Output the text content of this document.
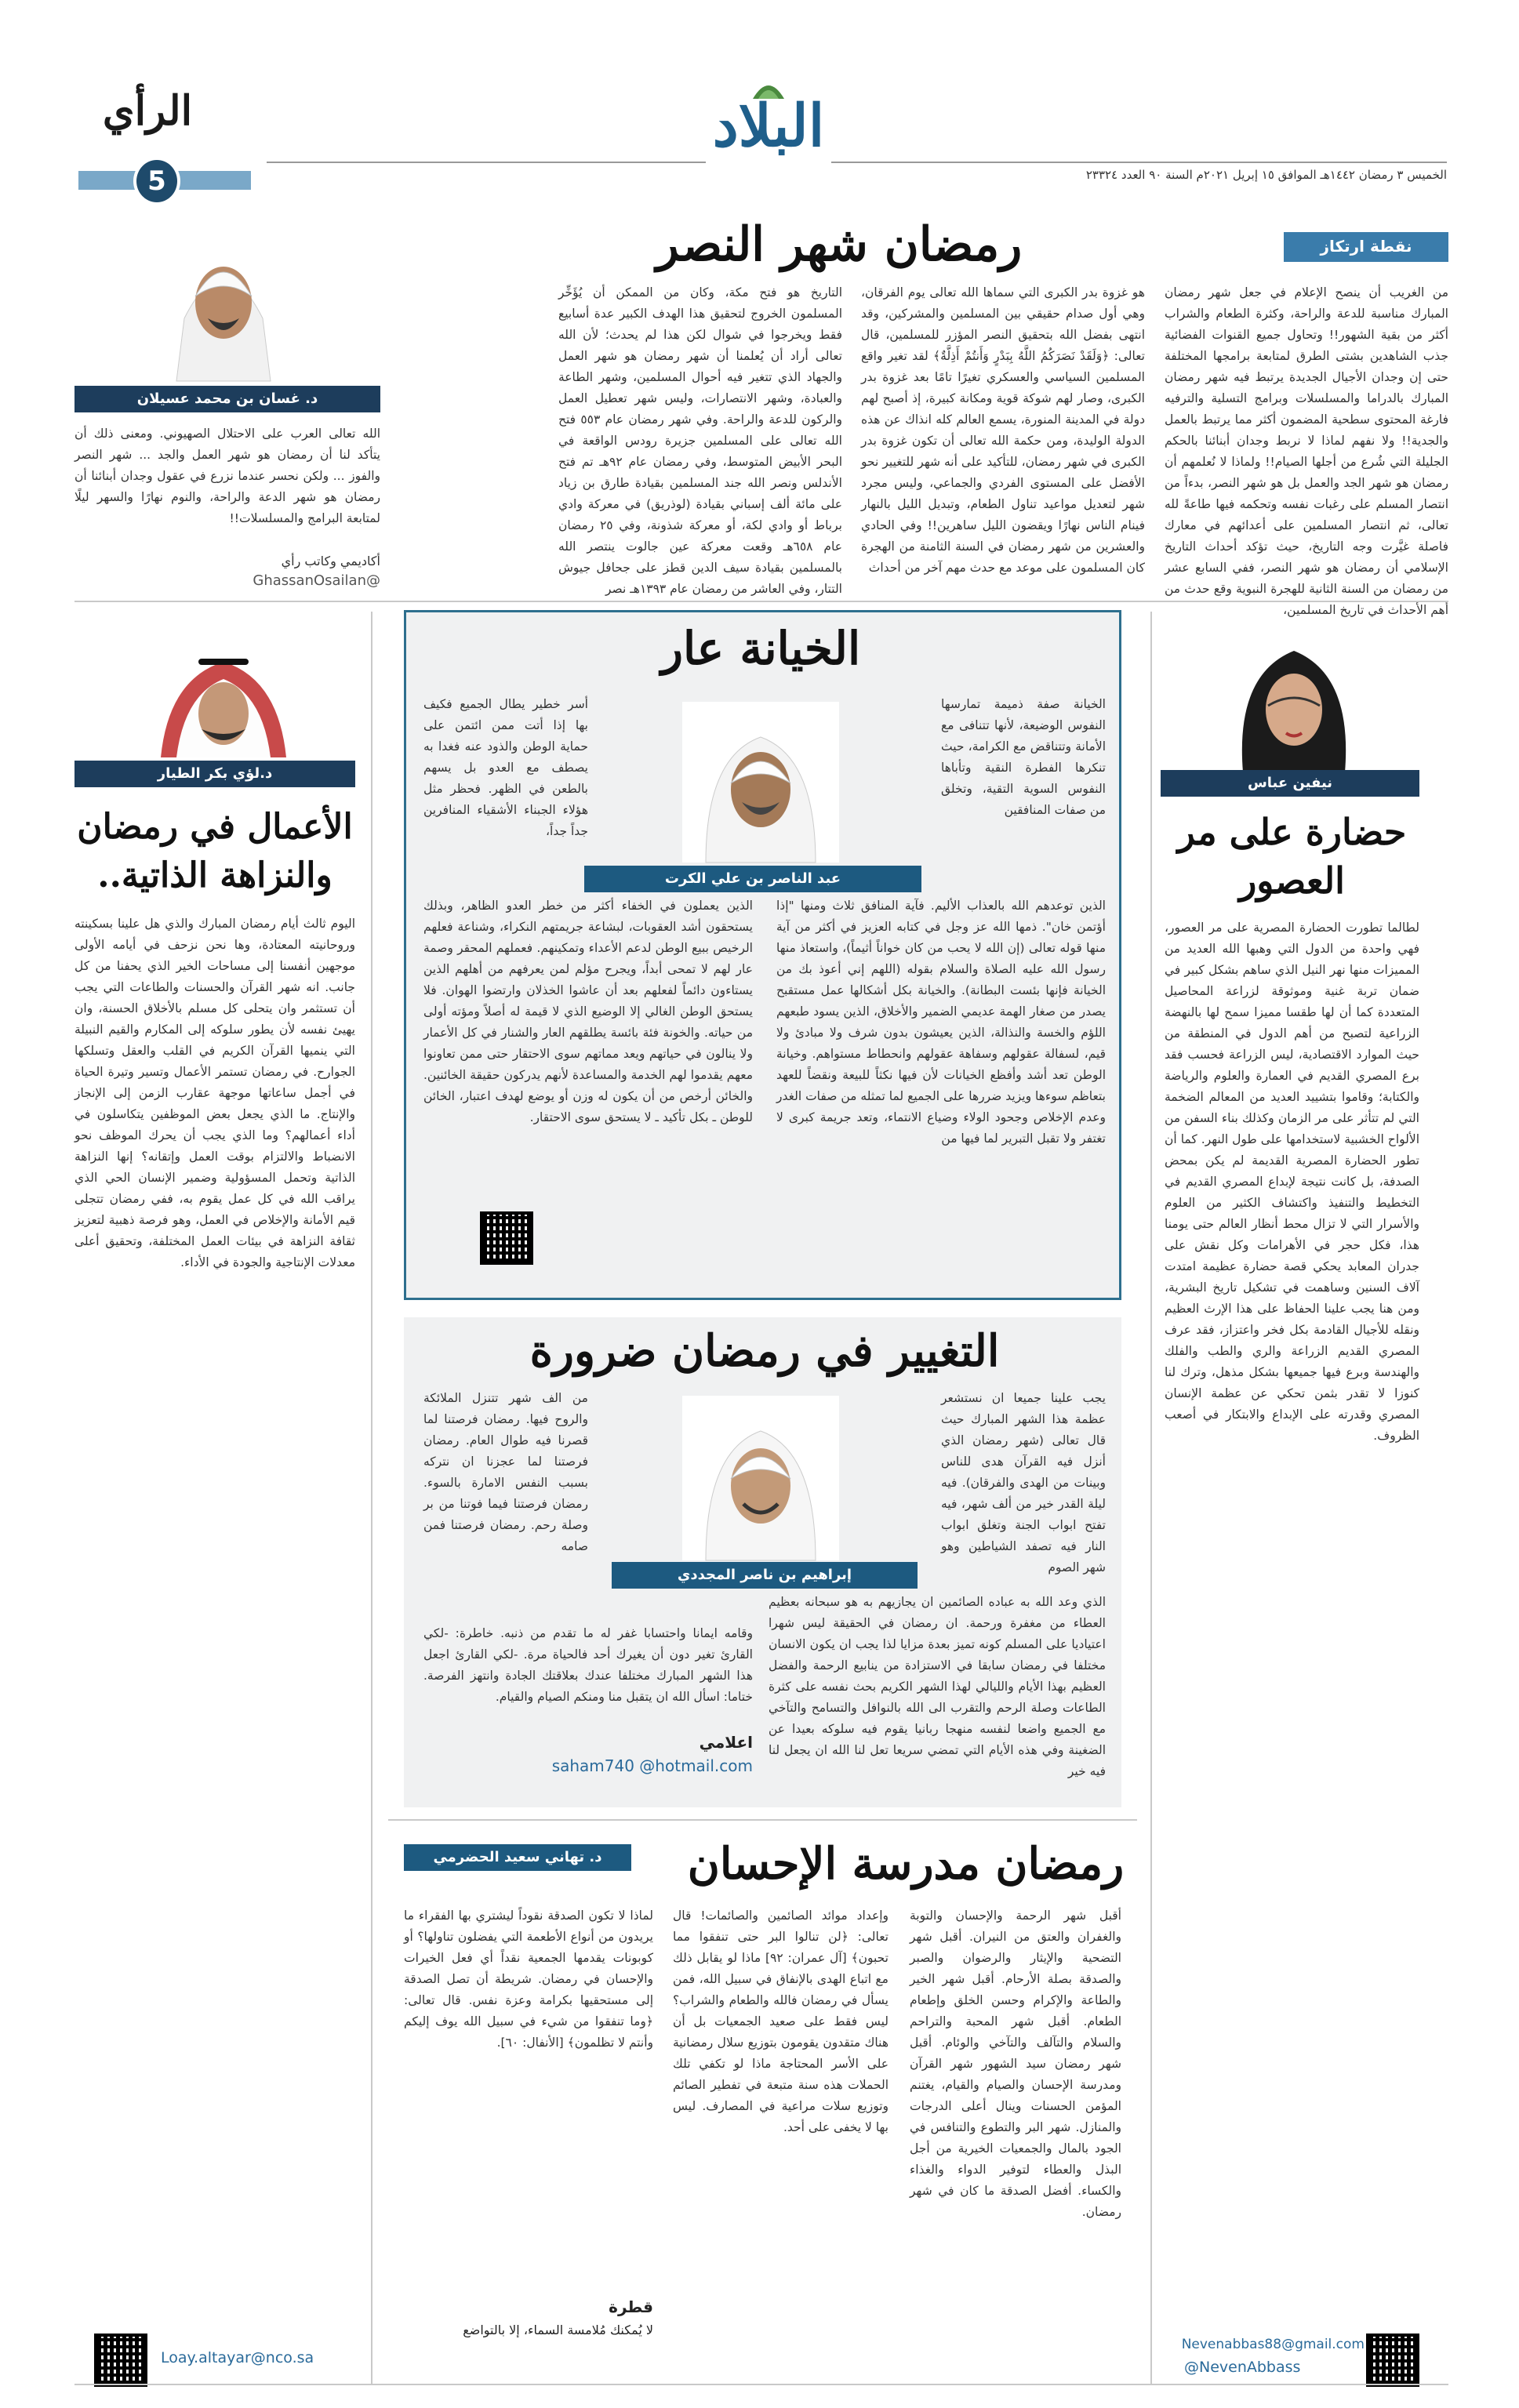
الرأي
5
البلاد
الخميس ٣ رمضان ١٤٤٢هـ الموافق ١٥ إبريل ٢٠٢١م السنة ٩٠ العدد ٢٣٣٢٤
نقطة ارتكاز
رمضان شهر النصر
من الغريب أن ينصح الإعلام في جعل شهر رمضان المبارك مناسبة للدعة والراحة، وكثرة الطعام والشراب أكثر من بقية الشهور!! وتحاول جميع القنوات الفضائية جذب الشاهدين بشتى الطرق لمتابعة برامجها المختلفة حتى إن وجدان الأجيال الجديدة يرتبط فيه شهر رمضان المبارك بالدراما والمسلسلات وبرامج التسلية والترفيه فارغة المحتوى سطحية المضمون أكثر مما يرتبط بالعمل والجدية!! ولا نفهم لماذا لا نربط وجدان أبنائنا بالحكم الجليلة التي شُرع من أجلها الصيام!! ولماذا لا نُعلمهم أن رمضان هو شهر الجد والعمل بل هو شهر النصر، بدءاً من انتصار المسلم على رغبات نفسه وتحكمه فيها طاعةً لله تعالى، ثم انتصار المسلمين على أعدائهم في معارك فاصلة غيَّرت وجه التاريخ، حيث تؤكد أحداث التاريخ الإسلامي أن رمضان هو شهر النصر، ففي السابع عشر من رمضان من السنة الثانية للهجرة النبوية وقع حدث من أهم الأحداث في تاريخ المسلمين،
هو غزوة بدر الكبرى التي سماها الله تعالى يوم الفرقان، وهي أول صدام حقيقي بين المسلمين والمشركين، وقد انتهى بفضل الله بتحقيق النصر المؤزر للمسلمين، قال تعالى: ﴿وَلَقَدْ نَصَرَكُمُ اللَّهُ بِبَدْرٍ وَأَنتُمْ أَذِلَّةٌ﴾ لقد تغير واقع المسلمين السياسي والعسكري تغيرًا تامًا بعد غزوة بدر الكبرى، وصار لهم شوكة قوية ومكانة كبيرة، إذ أصبح لهم دولة في المدينة المنورة، يسمع العالم كله انذاك عن هذه الدولة الوليدة، ومن حكمة الله تعالى أن تكون غزوة بدر الكبرى في شهر رمضان، للتأكيد على أنه شهر للتغيير نحو الأفضل على المستوى الفردي والجماعي، وليس مجرد شهر لتعديل مواعيد تناول الطعام، وتبديل الليل بالنهار فينام الناس نهارًا ويقضون الليل ساهرين!! وفي الحادي والعشرين من شهر رمضان في السنة الثامنة من الهجرة كان المسلمون على موعد مع حدث مهم آخر من أحداث
التاريخ هو فتح مكة، وكان من الممكن أن يُؤَخِّر المسلمون الخروج لتحقيق هذا الهدف الكبير عدة أسابيع فقط ويخرجوا في شوال لكن هذا لم يحدث؛ لأن الله تعالى أراد أن يُعلمنا أن شهر رمضان هو شهر العمل والجهاد الذي تتغير فيه أحوال المسلمين، وشهر الطاعة والعبادة، وشهر الانتصارات، وليس شهر تعطيل العمل والركون للدعة والراحة. وفي شهر رمضان عام ٥٥٣ فتح الله تعالى على المسلمين جزيرة رودس الواقعة في البحر الأبيض المتوسط، وفي رمضان عام ٩٢هـ تم فتح الأندلس ونصر الله جند المسلمين بقيادة طارق بن زياد على مائة ألف إسباني بقيادة (لوذريق) في معركة وادي برباط أو وادي لكة، أو معركة شذونة، وفي ٢٥ رمضان عام ٦٥٨هـ وقعت معركة عين جالوت ينتصر الله بالمسلمين بقيادة سيف الدين قطز على جحافل جيوش التتار، وفي العاشر من رمضان عام ١٣٩٣هـ نصر
د. غسان بن محمد عسيلان
الله تعالى العرب على الاحتلال الصهيوني. ومعنى ذلك أن يتأكد لنا أن رمضان هو شهر العمل والجد ... شهر النصر والفوز ... ولكن نحسر عندما نزرع في عقول وجدان أبنائنا أن رمضان هو شهر الدعة والراحة، والنوم نهارًا والسهر ليلًا لمتابعة البرامج والمسلسلات!!
أكاديمي وكاتب رأي
@GhassanOsailan
نيفين عباس
حضارة على مر العصور
لطالما تطورت الحضارة المصرية على مر العصور، فهي واحدة من الدول التي وهبها الله العديد من المميزات منها نهر النيل الذي ساهم بشكل كبير في ضمان تربة غنية وموثوقة لزراعة المحاصيل المتعددة كما أن لها طقسا مميزا سمح لها بالنهضة الزراعية لتصبح من أهم الدول في المنطقة من حيث الموارد الاقتصادية، ليس الزراعة فحسب فقد برع المصري القديم في العمارة والعلوم والرياضة والكتابة؛ وقاموا بتشييد العديد من المعالم الضخمة التي لم تتأثر على مر الزمان وكذلك بناء السفن من الألواح الخشبية لاستخدامها على طول النهر. كما أن تطور الحضارة المصرية القديمة لم يكن بمحض الصدفة، بل كانت نتيجة لإبداع المصري القديم في التخطيط والتنفيذ واكتشاف الكثير من العلوم والأسرار التي لا تزال محط أنظار العالم حتى يومنا هذا، فكل حجر في الأهرامات وكل نقش على جدران المعابد يحكي قصة حضارة عظيمة امتدت آلاف السنين وساهمت في تشكيل تاريخ البشرية، ومن هنا يجب علينا الحفاظ على هذا الإرث العظيم ونقله للأجيال القادمة بكل فخر واعتزاز، فقد عرف المصري القديم الزراعة والري والطب والفلك والهندسة وبرع فيها جميعها بشكل مذهل، وترك لنا كنوزا لا تقدر بثمن تحكي عن عظمة الإنسان المصري وقدرته على الإبداع والابتكار في أصعب الظروف.
Nevenabbas88@gmail.com
NevenAbbass@
د.لؤي بكر الطيار
الأعمال في رمضان والنزاهة الذاتية..
اليوم ثالث أيام رمضان المبارك والذي هل علينا بسكينته وروحانيته المعتادة، وها نحن نزحف في أيامه الأولى موجهين أنفسنا إلى مساحات الخير الذي يحفنا من كل جانب. انه شهر القرآن والحسنات والطاعات التي يجب أن تستثمر وان يتحلى كل مسلم بالأخلاق الحسنة، وان يهيئ نفسه لأن يطور سلوكه إلى المكارم والقيم النبيلة التي ينميها القرآن الكريم في القلب والعقل وتسلكها الجوارح. في رمضان تستمر الأعمال وتسير وتيرة الحياة في أجمل ساعاتها موجهة عقارب الزمن إلى الإنجاز والإنتاج. ما الذي يجعل بعض الموظفين يتكاسلون في أداء أعمالهم؟ وما الذي يجب أن يحرك الموظف نحو الانضباط والالتزام بوقت العمل وإتقانه؟ إنها النزاهة الذاتية وتحمل المسؤولية وضمير الإنسان الحي الذي يراقب الله في كل عمل يقوم به، ففي رمضان تتجلى قيم الأمانة والإخلاص في العمل، وهو فرصة ذهبية لتعزيز ثقافة النزاهة في بيئات العمل المختلفة، وتحقيق أعلى معدلات الإنتاجية والجودة في الأداء.
Loay.altayar@nco.sa
الخيانة عار
الخيانة صفة ذميمة تمارسها النفوس الوضيعة، لأنها تتنافى مع الأمانة وتتناقض مع الكرامة، حيث تنكرها الفطرة النقية وتأباها النفوس السوية التقية، وتخلق من صفات المنافقين
عبد الناصر بن علي الكرت
أسر خطير يطال الجميع فكيف بها إذا أتت ممن ائتمن على حماية الوطن والذود عنه فغدا به يصطف مع العدو بل يسهم بالطعن في الظهر. فحظر مثل هؤلاء الجبناء الأشقياء المنافرين جداً جداً،
الذين توعدهم الله بالعذاب الأليم. فآية المنافق ثلاث ومنها "إذا أؤتمن خان". ذمها الله عز وجل في كتابه العزيز في أكثر من آية منها قوله تعالى (إن الله لا يحب من كان خواناً أثيماً)، واستعاذ منها رسول الله عليه الصلاة والسلام بقوله (اللهم إني أعوذ بك من الخيانة فإنها بئست البطانة). والخيانة بكل أشكالها عمل مستقبح يصدر من صغار الهمة عديمي الضمير والأخلاق، الذين يسود طبعهم اللؤم والخسة والنذالة، الذين يعيشون بدون شرف ولا مبادئ ولا قيم، لسفالة عقولهم وسفاهة عقولهم وانحطاط مستواهم. وخيانة الوطن تعد أشد وأفظع الخيانات لأن فيها نكثاً للبيعة ونقضاً للعهد بتعاظم سوءها ويزيد ضررها على الجميع لما تمثله من صفات الغدر وعدم الإخلاص وجحود الولاء وضياع الانتماء، وتعد جريمة كبرى لا تغتفر ولا تقبل التبرير لما فيها من
الذين يعملون في الخفاء أكثر من خطر العدو الظاهر، وبذلك يستحقون أشد العقوبات، لبشاعة جريمتهم النكراء، وشناعة فعلهم الرخيص ببيع الوطن لدعم الأعداء وتمكينهم. فعملهم المحقر وصمة عار لهم لا تمحى أبداً، ويجرح مؤلم لمن يعرفهم من أهلهم الذين يستاءون دائماً لفعلهم بعد أن عاشوا الخذلان وارتضوا الهوان. فلا يستحق الوطن الغالي إلا الوضيع الذي لا قيمة له أصلاً ومؤته أولى من حياته. والخونة فئة بائسة يطلقهم العار والشنار في كل الأعمار ولا ينالون في حياتهم ويعد مماتهم سوى الاحتقار حتى ممن تعاونوا معهم يقدموا لهم الخدمة والمساعدة لأنهم يدركون حقيقة الخائنين. والخائن أرخص من أن يكون له وزن أو يوضع لهدف اعتبار، الخائن للوطن ـ بكل تأكيد ـ لا يستحق سوى الاحتقار.
التغيير في رمضان ضرورة
يجب علينا جميعا ان نستشعر عظمة هذا الشهر المبارك حيث قال تعالى (شهر رمضان الذي أنزل فيه القرآن هدى للناس وبينات من الهدى والفرقان). فيه ليلة القدر خير من ألف شهر، فيه تفتح ابواب الجنة وتغلق ابواب النار فيه تصفد الشياطين وهو شهر الصوم
إبراهيم بن ناصر المجددي
من الف شهر تتنزل الملائكة والروح فيها. رمضان فرصتنا لما قصرنا فيه طوال العام. رمضان فرصتنا لما عجزنا ان نتركه بسبب النفس الامارة بالسوء. رمضان فرصتنا فيما فوتنا من بر وصلة رحم. رمضان فرصتنا فمن صامه
الذي وعد الله به عباده الصائمين ان يجازيهم به هو سبحانه بعظيم العطاء من مغفرة ورحمة. ان رمضان في الحقيقة ليس شهرا اعتياديا على المسلم كونه تميز بعدة مزايا لذا يجب ان يكون الانسان مختلفا في رمضان سابقا في الاستزادة من ينابيع الرحمة والفضل العظيم بهذا الأيام والليالي لهذا الشهر الكريم بحث نفسه على كثرة الطاعات وصلة الرحم والتقرب الى الله بالنوافل والتسامح والتآخي مع الجميع واضعا لنفسه منهجا ربانيا يقوم فيه سلوكه بعيدا عن الضغينة وفي هذه الأيام التي تمضي سريعا تعل لنا الله ان يجعل لنا فيه خير
وقامه ايمانا واحتسابا غفر له ما تقدم من ذنبه. خاطرة: -لكي القارئ تغير دون أن يغيرك أحد فالحياة مرة. -لكي القارئ اجعل هذا الشهر المبارك مختلفا عندك بعلاقتك الجادة وانتهز الفرصة. ختاما: اسأل الله ان يتقبل منا ومنكم الصيام والقيام.
اعلامي
saham740 @hotmail.com
رمضان مدرسة الإحسان
د. تهاني سعيد الحضرمي
أقبل شهر الرحمة والإحسان والتوبة والغفران والعتق من النيران. أقبل شهر التضحية والإيثار والرضوان والصبر والصدقة بصلة الأرحام. أقبل شهر الخير والطاعة والإكرام وحسن الخلق وإطعام الطعام. أقبل شهر المحبة والتراحم والسلام والتآلف والتآخي والوئام. أقبل شهر رمضان سيد الشهور شهر القرآن ومدرسة الإحسان والصيام والقيام، يغتنم المؤمن الحسنات وينال أعلى الدرجات والمنازل. شهر البر والتطوع والتنافس في الجود بالمال والجمعيات الخيرية من أجل البذل والعطاء لتوفير الدواء والغذاء والكساء. أفضل الصدقة ما كان في شهر رمضان.
وإعداد موائد الصائمين والصائمات! قال تعالى: ﴿لن تنالوا البر حتى تنفقوا مما تحبون﴾ [آل عمران: ٩٢] ماذا لو يقابل ذلك مع اتباع الهدى بالإنفاق في سبيل الله، فمن يسأل في رمضان فالله والطعام والشراب؟ ليس فقط على صعيد الجمعيات بل أن هناك متقدون يقومون بتوزيع سلال رمضانية على الأسر المحتاجة ماذا لو تكفي تلك الحملات هذه سنة متبعة في تفطير الصائم وتوزيع سلات مراعية في المصارف. ليس بها لا يخفى على أحد.
لماذا لا تكون الصدقة نقوداً ليشتري بها الفقراء ما يريدون من أنواع الأطعمة التي يفضلون تناولها؟ أو كوبونات يقدمها الجمعية نقداً أي فعل الخيرات والإحسان في رمضان. شريطة أن تصل الصدقة إلى مستحقيها بكرامة وعزة نفس. قال تعالى: ﴿وما تنفقوا من شيء في سبيل الله يوف إليكم وأنتم لا تظلمون﴾ [الأنفال: ٦٠].
قطرة
لا يُمكنك مُلامسة السماء، إلا بالتواضع
